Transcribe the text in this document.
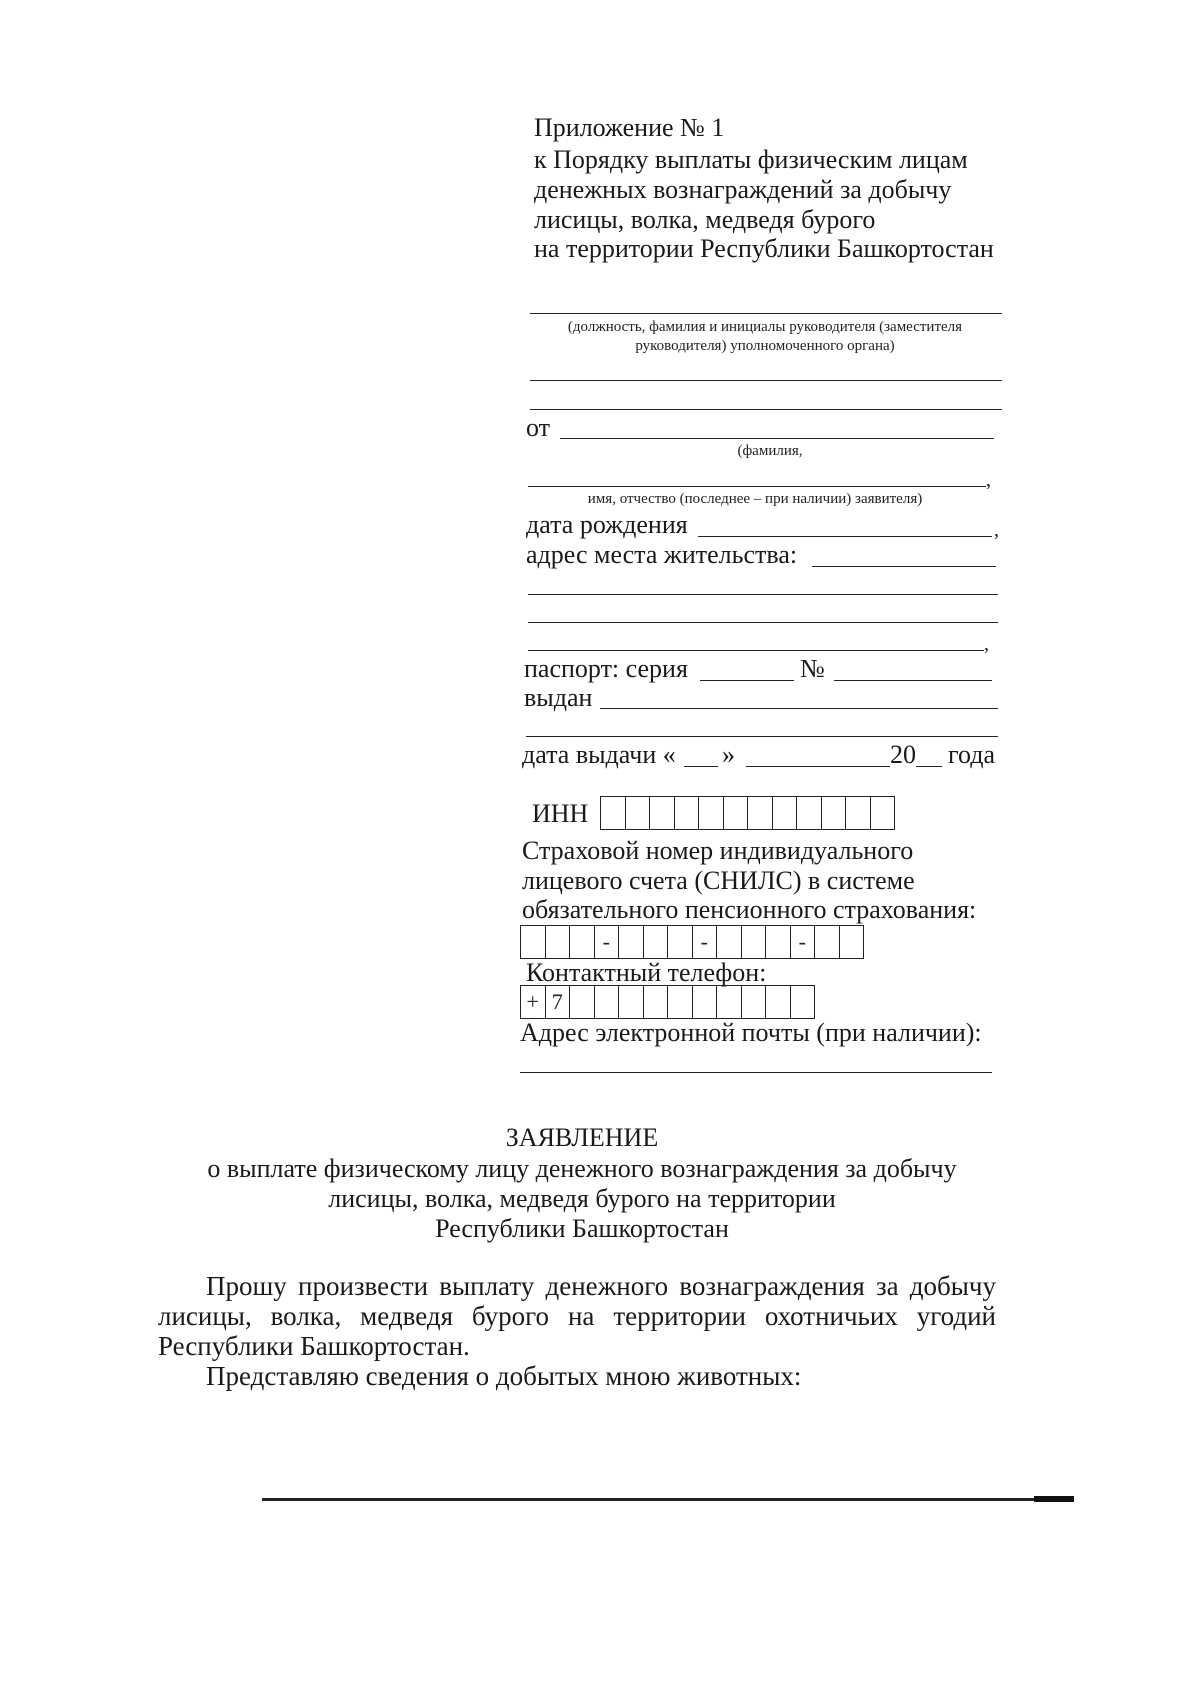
Приложение № 1
к Порядку выплаты физическим лицам
денежных вознаграждений за добычу
лисицы, волка, медведя бурого
на территории Республики Башкортостан
(должность, фамилия и инициалы руководителя (заместителя
руководителя) уполномоченного органа)
от
(фамилия,
,
имя, отчество (последнее – при наличии) заявителя)
дата рождения	,
адрес места жительства:
,
паспорт: серия	№
выдан
дата выдачи « »	20 года
ИНН
Страховой номер индивидуального
лицевого счета (СНИЛС) в системе
обязательного пенсионного страхования:
-	-	-
Контактный телефон:
+ 7
Адрес электронной почты (при наличии):
ЗАЯВЛЕНИЕ
о выплате физическому лицу денежного вознаграждения за добычу
лисицы, волка, медведя бурого на территории
Республики Башкортостан
Прошу произвести выплату денежного вознаграждения за добычу
лисицы, волка, медведя бурого на территории охотничьих угодий
Республики Башкортостан.
Представляю сведения о добытых мною животных:
